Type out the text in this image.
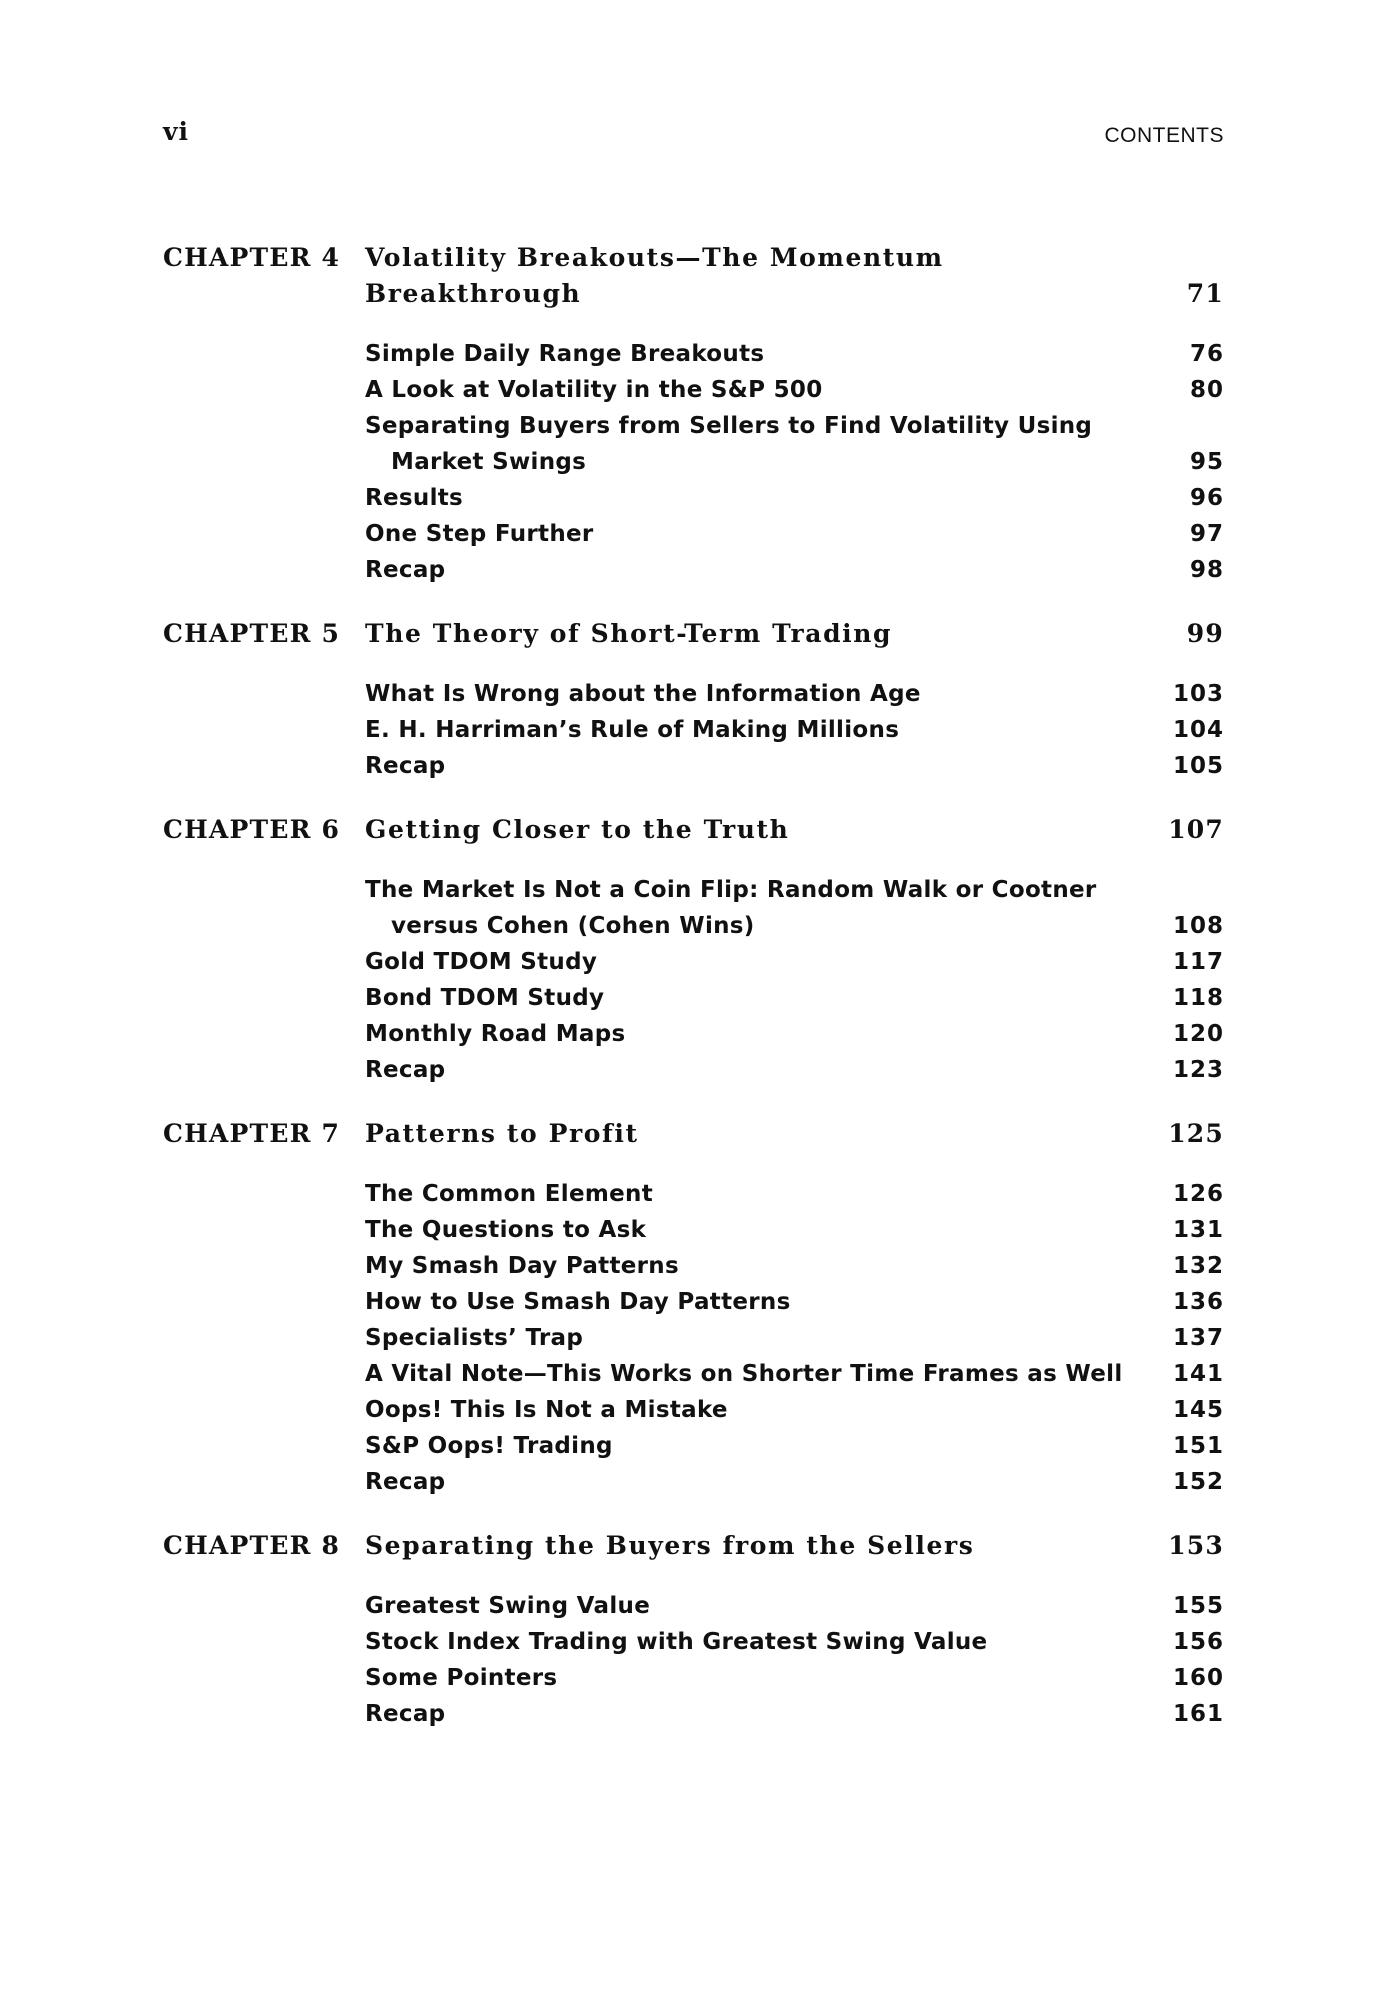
vi	CONTENTS
CHAPTER 4 Volatility Breakouts—The Momentum Breakthrough	71
Simple Daily Range Breakouts	76
A Look at Volatility in the S&P 500	80
Separating Buyers from Sellers to Find Volatility Using Market Swings	95
Results	96
One Step Further	97
Recap	98
CHAPTER 5 The Theory of Short-Term Trading	99
What Is Wrong about the Information Age	103
E. H. Harriman’s Rule of Making Millions	104
Recap	105
CHAPTER 6 Getting Closer to the Truth	107
The Market Is Not a Coin Flip: Random Walk or Cootner versus Cohen (Cohen Wins)	108
Gold TDOM Study	117
Bond TDOM Study	118
Monthly Road Maps	120
Recap	123
CHAPTER 7 Patterns to Profit	125
The Common Element	126
The Questions to Ask	131
My Smash Day Patterns	132
How to Use Smash Day Patterns	136
Specialists’ Trap	137
A Vital Note—This Works on Shorter Time Frames as Well	141
Oops! This Is Not a Mistake	145
S&P Oops! Trading	151
Recap	152
CHAPTER 8 Separating the Buyers from the Sellers	153
Greatest Swing Value	155
Stock Index Trading with Greatest Swing Value	156
Some Pointers	160
Recap	161
